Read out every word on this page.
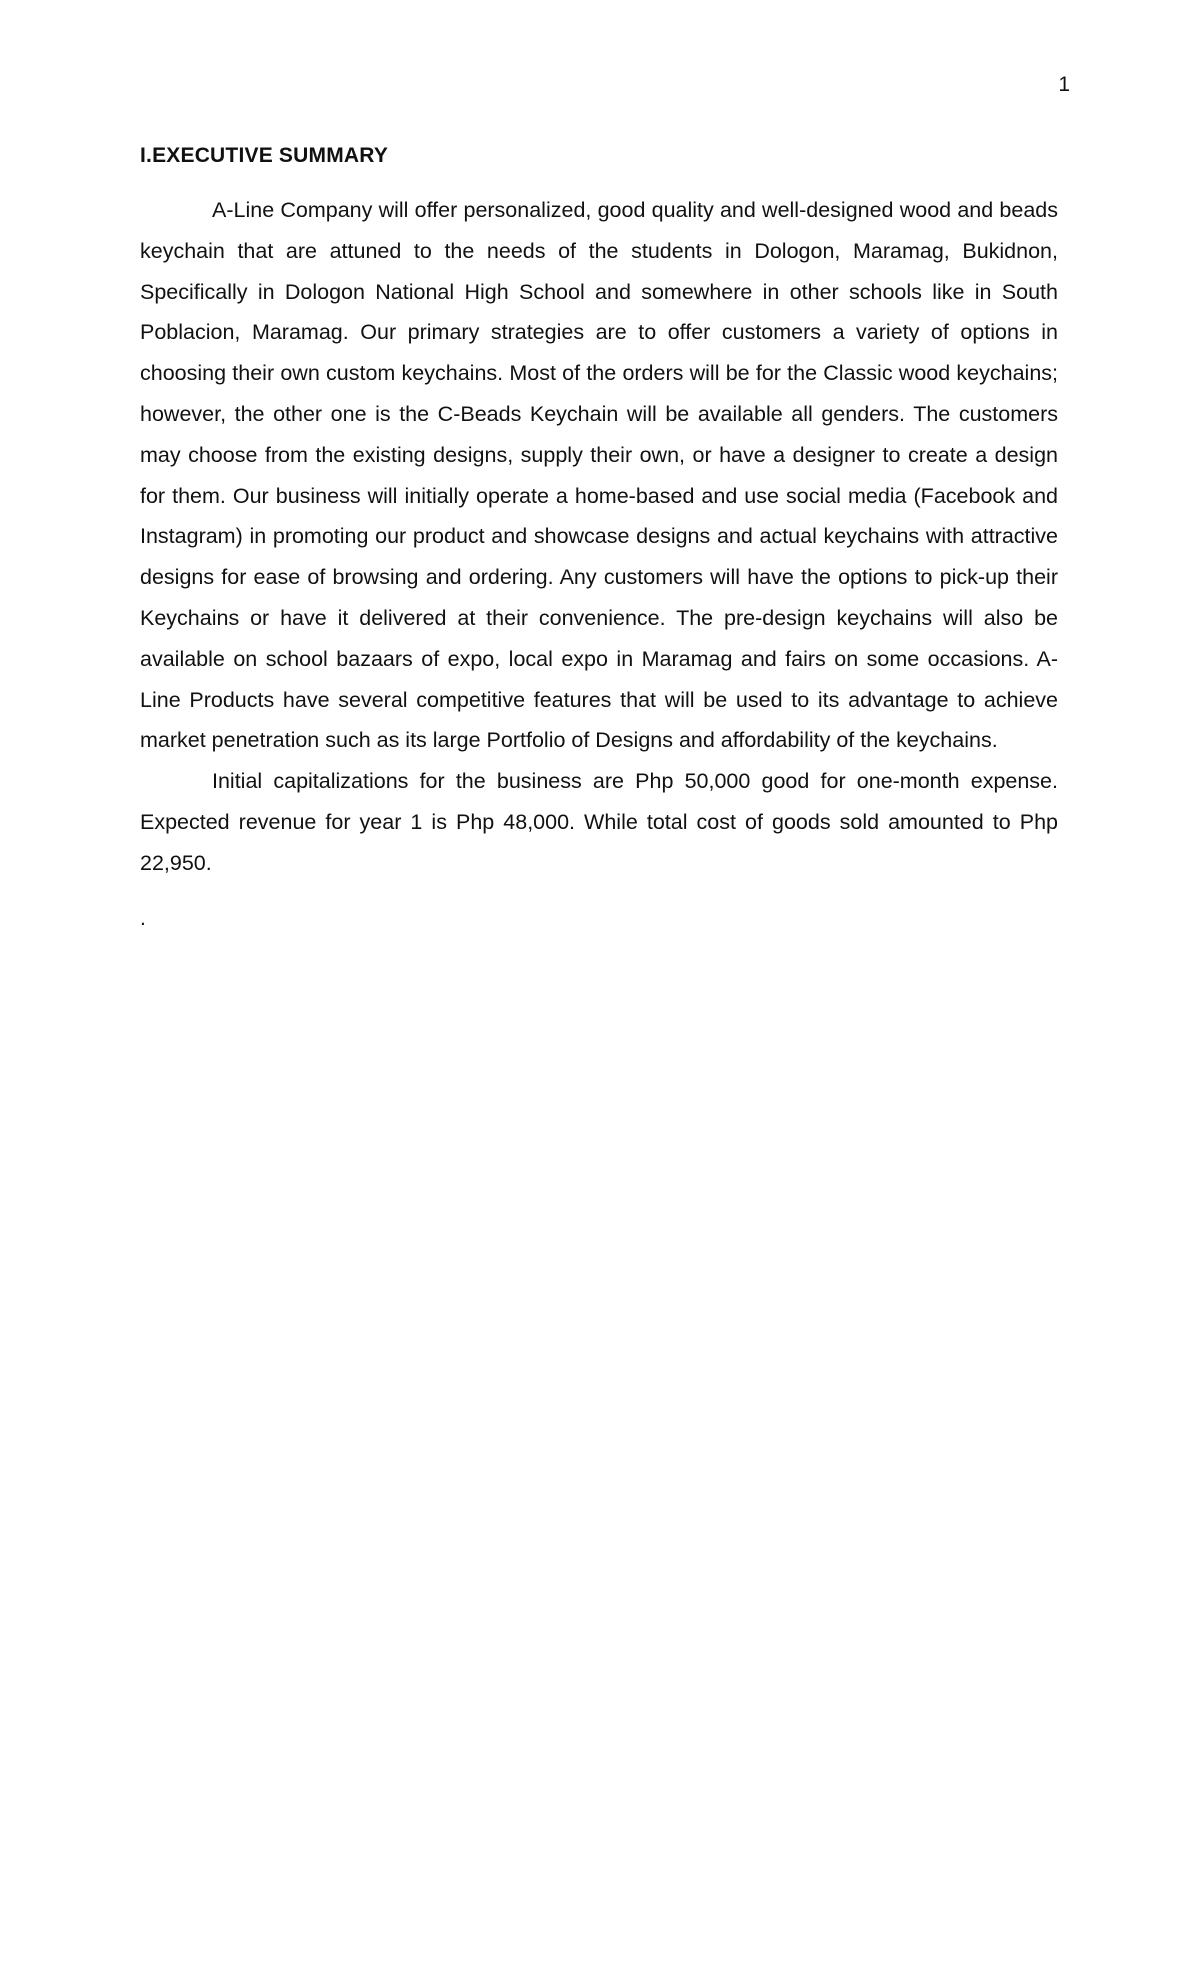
1
I.EXECUTIVE SUMMARY

A-Line Company will offer personalized, good quality and well-designed wood and beads keychain that are attuned to the needs of the students in Dologon, Maramag, Bukidnon, Specifically in Dologon National High School and somewhere in other schools like in South Poblacion, Maramag. Our primary strategies are to offer customers a variety of options in choosing their own custom keychains. Most of the orders will be for the Classic wood keychains; however, the other one is the C-Beads Keychain will be available all genders. The customers may choose from the existing designs, supply their own, or have a designer to create a design for them. Our business will initially operate a home-based and use social media (Facebook and Instagram) in promoting our product and showcase designs and actual keychains with attractive designs for ease of browsing and ordering. Any customers will have the options to pick-up their Keychains or have it delivered at their convenience. The pre-design keychains will also be available on school bazaars of expo, local expo in Maramag and fairs on some occasions. A-Line Products have several competitive features that will be used to its advantage to achieve market penetration such as its large Portfolio of Designs and affordability of the keychains.

Initial capitalizations for the business are Php 50,000 good for one-month expense. Expected revenue for year 1 is Php 48,000. While total cost of goods sold amounted to Php 22,950.

.
